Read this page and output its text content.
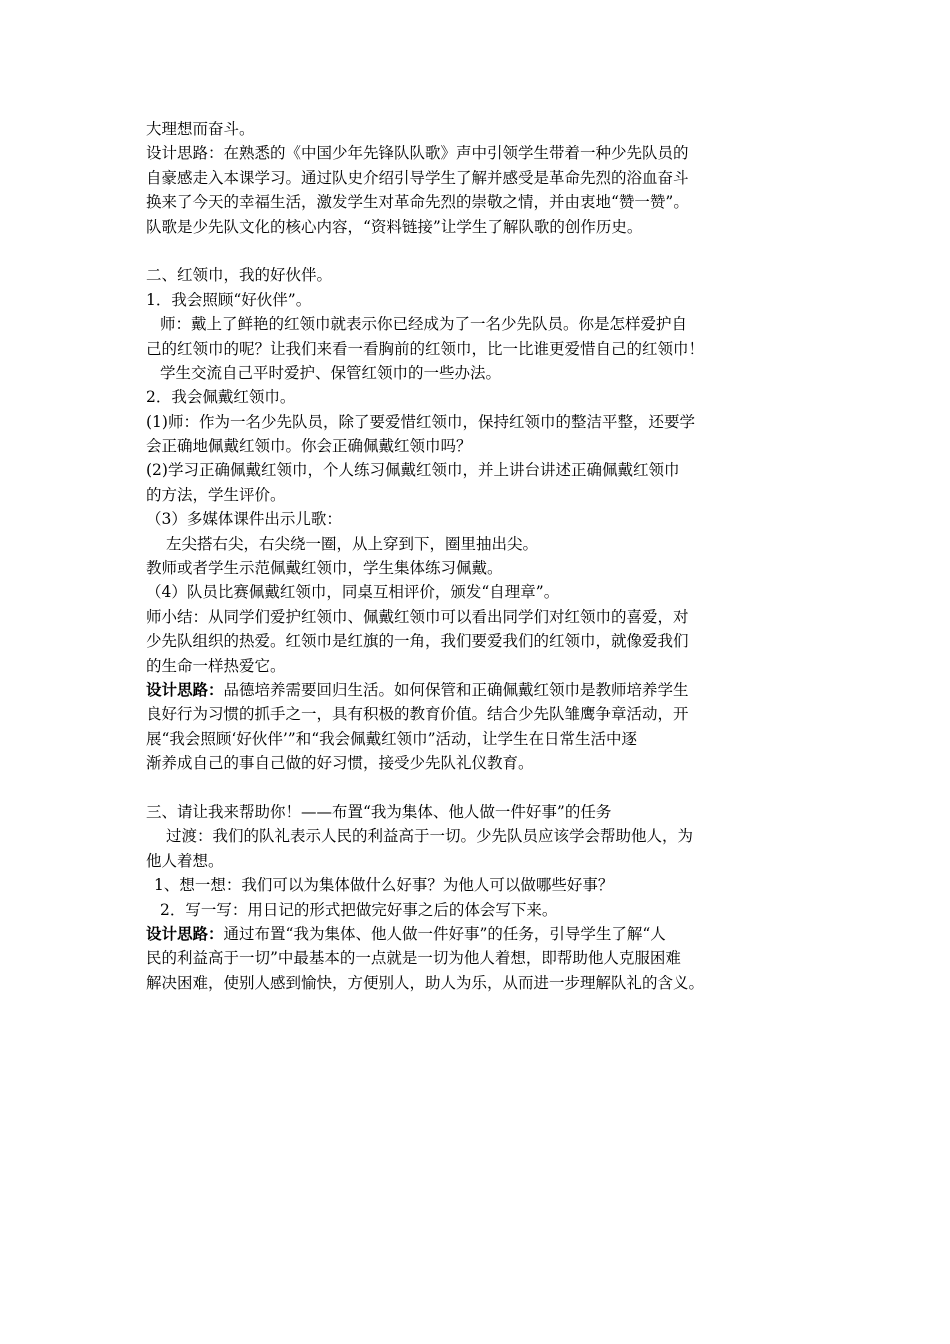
大理想而奋斗。
设计思路：在熟悉的《中国少年先锋队队歌》声中引领学生带着一种少先队员的
自豪感走入本课学习。通过队史介绍引导学生了解并感受是革命先烈的浴血奋斗
换来了今天的幸福生活，激发学生对革命先烈的崇敬之情，并由衷地“赞一赞”。
队歌是少先队文化的核心内容，“资料链接”让学生了解队歌的创作历史。
二、红领巾，我的好伙伴。
1．我会照顾“好伙伴”。
师：戴上了鲜艳的红领巾就表示你已经成为了一名少先队员。你是怎样爱护自
己的红领巾的呢？让我们来看一看胸前的红领巾，比一比谁更爱惜自己的红领巾！
学生交流自己平时爱护、保管红领巾的一些办法。
2．我会佩戴红领巾。
(1)师：作为一名少先队员，除了要爱惜红领巾，保持红领巾的整洁平整，还要学
会正确地佩戴红领巾。你会正确佩戴红领巾吗？
(2)学习正确佩戴红领巾，个人练习佩戴红领巾，并上讲台讲述正确佩戴红领巾
的方法，学生评价。
（3）多媒体课件出示儿歌：
左尖搭右尖，右尖绕一圈，从上穿到下，圈里抽出尖。
教师或者学生示范佩戴红领巾，学生集体练习佩戴。
（4）队员比赛佩戴红领巾，同桌互相评价，颁发“自理章”。
师小结：从同学们爱护红领巾、佩戴红领巾可以看出同学们对红领巾的喜爱，对
少先队组织的热爱。红领巾是红旗的一角，我们要爱我们的红领巾，就像爱我们
的生命一样热爱它。
设计思路：品德培养需要回归生活。如何保管和正确佩戴红领巾是教师培养学生
良好行为习惯的抓手之一，具有积极的教育价值。结合少先队雏鹰争章活动，开
展“我会照顾‘好伙伴’”和“我会佩戴红领巾”活动，让学生在日常生活中逐
渐养成自己的事自己做的好习惯，接受少先队礼仪教育。
三、请让我来帮助你！——布置“我为集体、他人做一件好事”的任务
过渡：我们的队礼表示人民的利益高于一切。少先队员应该学会帮助他人，为
他人着想。
1、想一想：我们可以为集体做什么好事？为他人可以做哪些好事？
2．写一写：用日记的形式把做完好事之后的体会写下来。
设计思路：通过布置“我为集体、他人做一件好事”的任务，引导学生了解“人
民的利益高于一切”中最基本的一点就是一切为他人着想，即帮助他人克服困难
解决困难，使别人感到愉快，方便别人，助人为乐，从而进一步理解队礼的含义。
